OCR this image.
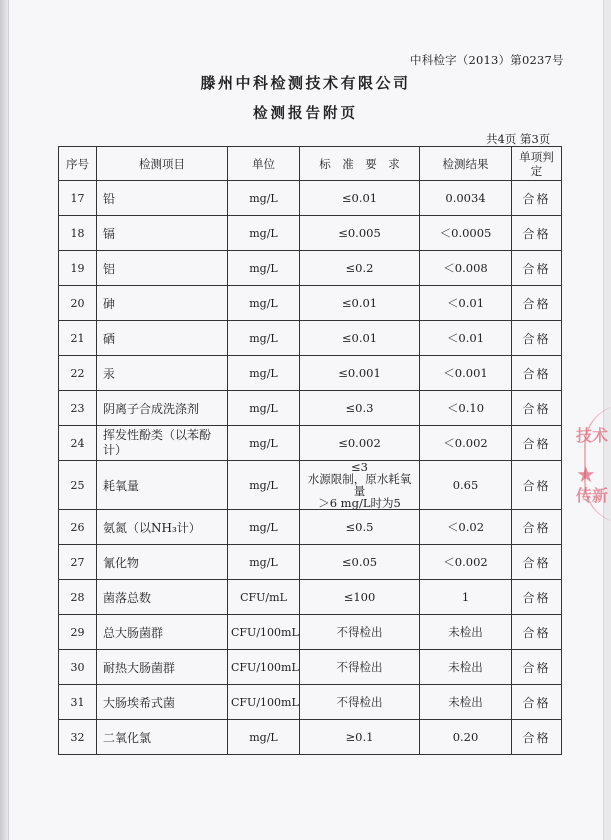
中科检字（2013）第0237号
滕州中科检测技术有限公司
检测报告附页
共4页 第3页
序号	检测项目	单位	标　准　要　求	检测结果	单项判定
17	铅	mg/L	≤0.01	0.0034	合格
18	镉	mg/L	≤0.005	＜0.0005	合格
19	铝	mg/L	≤0.2	＜0.008	合格
20	砷	mg/L	≤0.01	＜0.01	合格
21	硒	mg/L	≤0.01	＜0.01	合格
22	汞	mg/L	≤0.001	＜0.001	合格
23	阴离子合成洗涤剂	mg/L	≤0.3	＜0.10	合格
24	挥发性酚类（以苯酚计）	mg/L	≤0.002	＜0.002	合格
25	耗氧量	mg/L	≤3
水源限制，原水耗氧量
＞6 mg/L时为5	0.65	合格
26	氨氮（以NH₃计）	mg/L	≤0.5	＜0.02	合格
27	氰化物	mg/L	≤0.05	＜0.002	合格
28	菌落总数	CFU/mL	≤100	1	合格
29	总大肠菌群	CFU/100mL	不得检出	未检出	合格
30	耐热大肠菌群	CFU/100mL	不得检出	未检出	合格
31	大肠埃希式菌	CFU/100mL	不得检出	未检出	合格
32	二氧化氯	mg/L	≥0.1	0.20	合格
技术
★
传新
